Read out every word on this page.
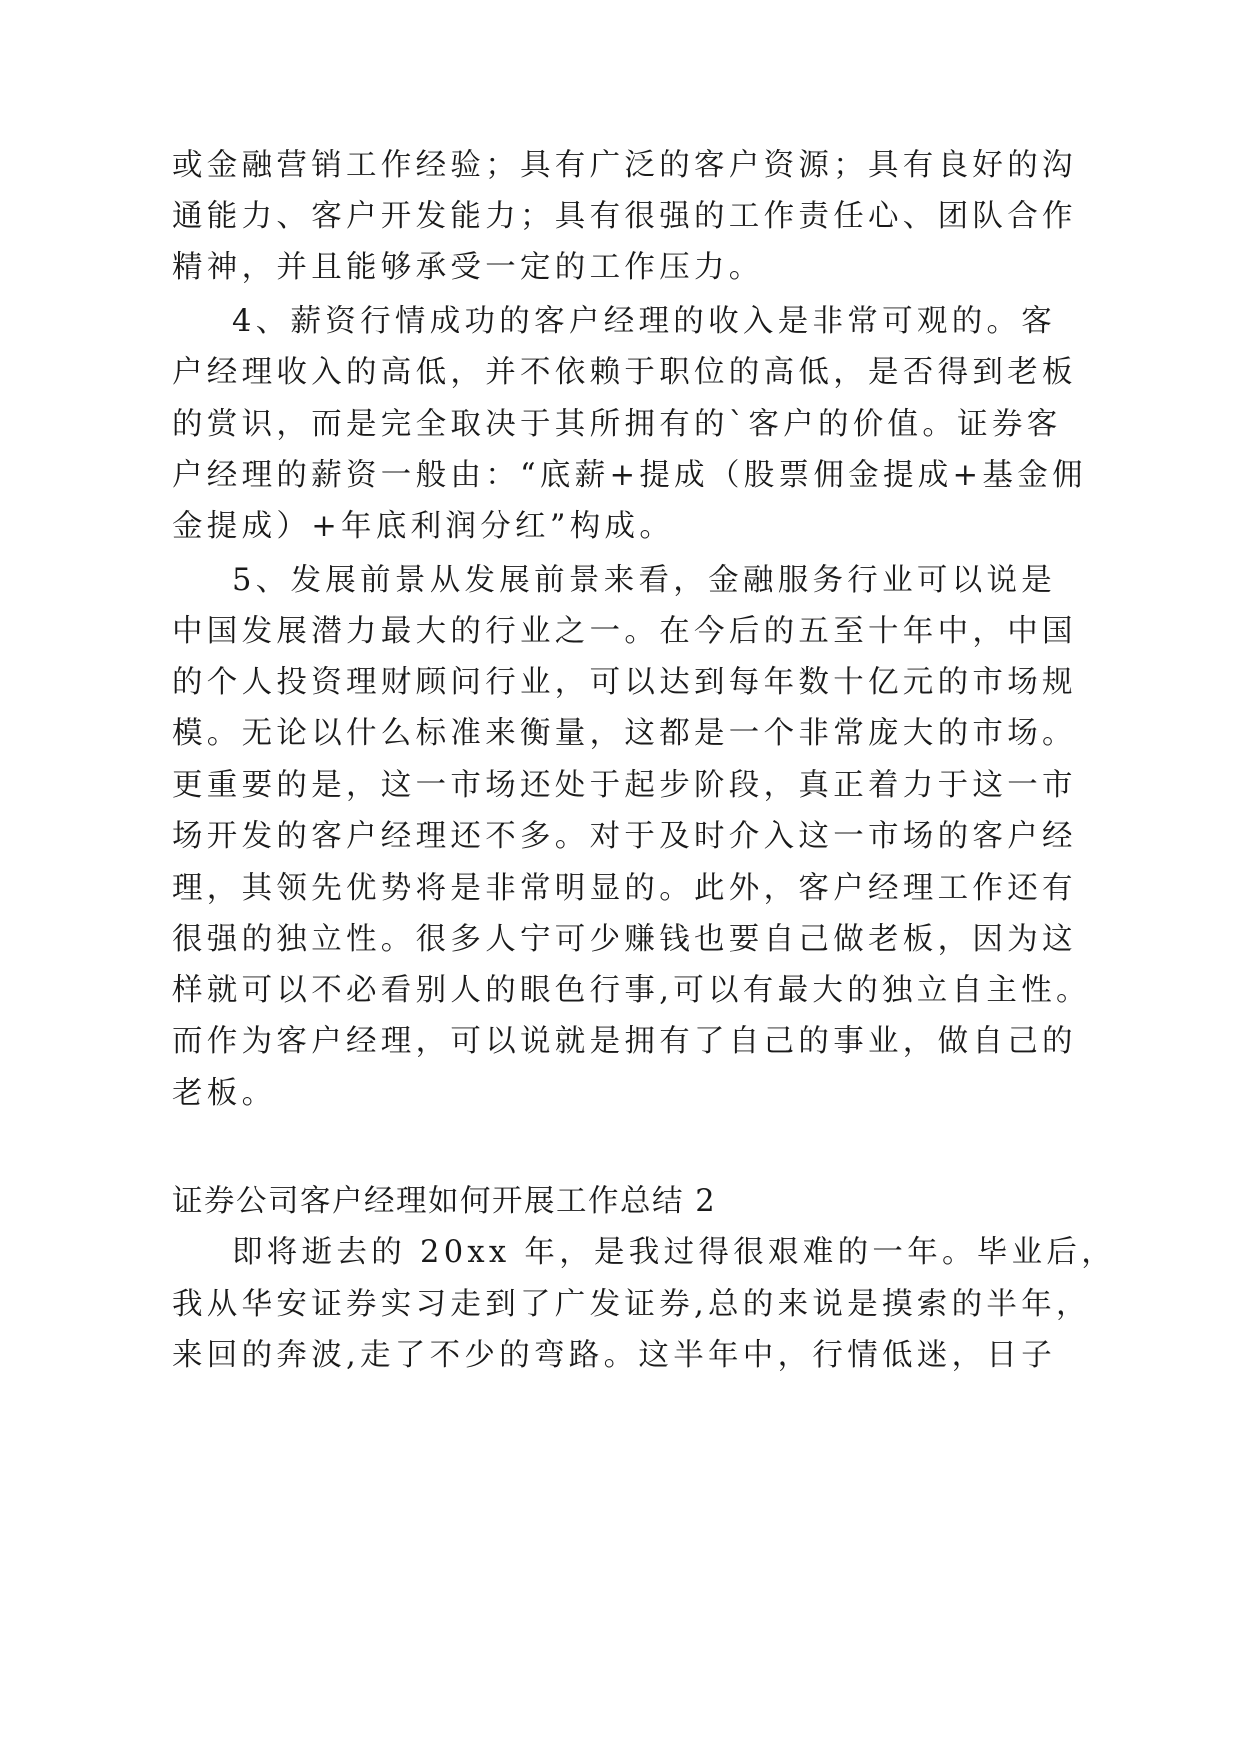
或金融营销工作经验；具有广泛的客户资源；具有良好的沟
通能力、客户开发能力；具有很强的工作责任心、团队合作
精神，并且能够承受一定的工作压力。
4、薪资行情成功的客户经理的收入是非常可观的。客
户经理收入的高低，并不依赖于职位的高低，是否得到老板
的赏识，而是完全取决于其所拥有的`客户的价值。证券客
户经理的薪资一般由：“底薪+提成（股票佣金提成+基金佣
金提成）+年底利润分红”构成。
5、发展前景从发展前景来看，金融服务行业可以说是
中国发展潜力最大的行业之一。在今后的五至十年中，中国
的个人投资理财顾问行业，可以达到每年数十亿元的市场规
模。无论以什么标准来衡量，这都是一个非常庞大的市场。
更重要的是，这一市场还处于起步阶段，真正着力于这一市
场开发的客户经理还不多。对于及时介入这一市场的客户经
理，其领先优势将是非常明显的。此外，客户经理工作还有
很强的独立性。很多人宁可少赚钱也要自己做老板，因为这
样就可以不必看别人的眼色行事,可以有最大的独立自主性。
而作为客户经理，可以说就是拥有了自己的事业，做自己的
老板。
证券公司客户经理如何开展工作总结 2
即将逝去的 20xx 年，是我过得很艰难的一年。毕业后，
我从华安证券实习走到了广发证券,总的来说是摸索的半年，
来回的奔波,走了不少的弯路。这半年中，行情低迷，日子
